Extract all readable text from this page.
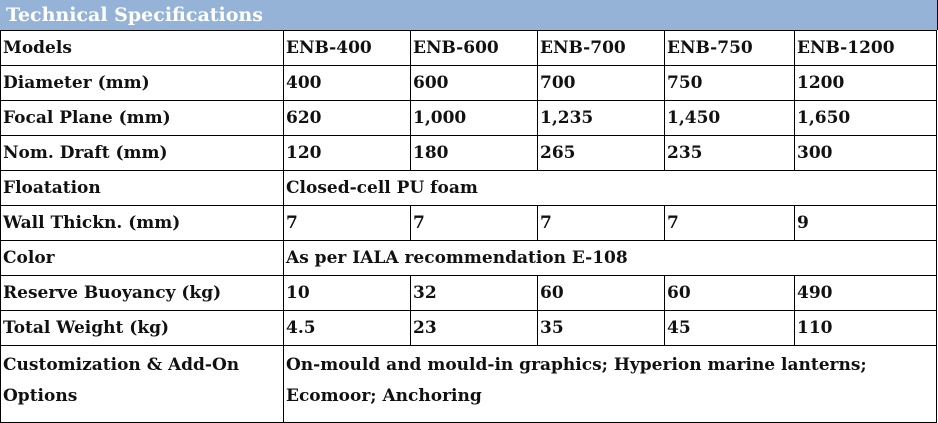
Technical Specifications
Models	ENB-400	ENB-600	ENB-700	ENB-750	ENB-1200
Diameter (mm)	400	600	700	750	1200
Focal Plane (mm)	620	1,000	1,235	1,450	1,650
Nom. Draft (mm)	120	180	265	235	300
Floatation	Closed-cell PU foam				
Wall Thickn. (mm)	7	7	7	7	9
Color	As per IALA recommendation E-108				
Reserve Buoyancy (kg)	10	32	60	60	490
Total Weight (kg)	4.5	23	35	45	110
Customization & Add-On Options	On-mould and mould-in graphics; Hyperion marine lanterns; Ecomoor; Anchoring				
